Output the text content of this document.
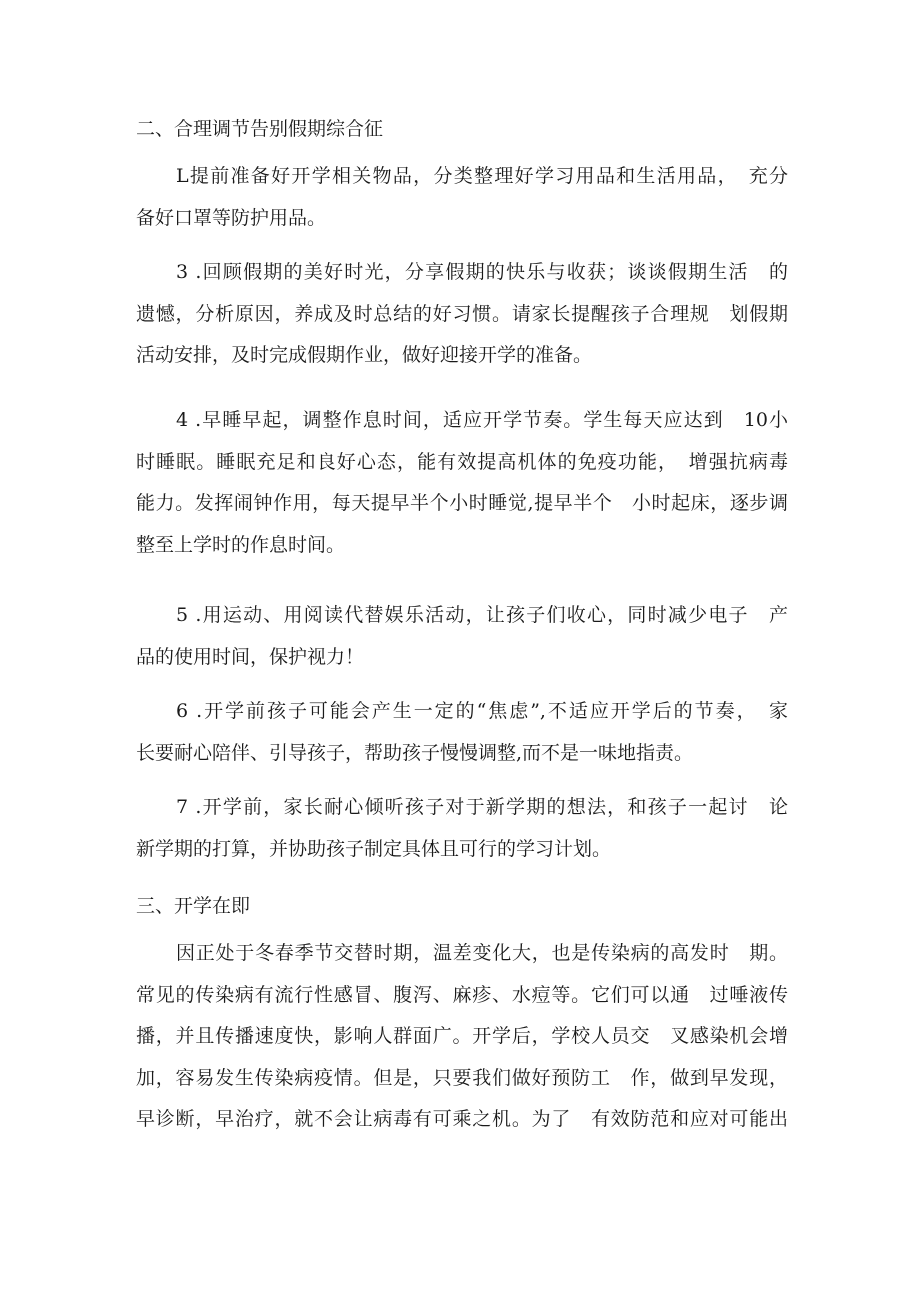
二、合理调节告别假期综合征
L提前准备好开学相关物品，分类整理好学习用品和生活用品，　充分
备好口罩等防护用品。
3 .回顾假期的美好时光，分享假期的快乐与收获；谈谈假期生活　的
遗憾，分析原因，养成及时总结的好习惯。请家长提醒孩子合理规　划假期
活动安排，及时完成假期作业，做好迎接开学的准备。
4 .早睡早起，调整作息时间，适应开学节奏。学生每天应达到　10小
时睡眠。睡眠充足和良好心态，能有效提高机体的免疫功能，　增强抗病毒
能力。发挥闹钟作用，每天提早半个小时睡觉,提早半个　小时起床，逐步调
整至上学时的作息时间。
5 .用运动、用阅读代替娱乐活动，让孩子们收心，同时减少电子　产
品的使用时间，保护视力！
6 .开学前孩子可能会产生一定的“焦虑”,不适应开学后的节奏，　家
长要耐心陪伴、引导孩子，帮助孩子慢慢调整,而不是一味地指责。
7 .开学前，家长耐心倾听孩子对于新学期的想法，和孩子一起讨　论
新学期的打算，并协助孩子制定具体且可行的学习计划。
三、开学在即
因正处于冬春季节交替时期，温差变化大，也是传染病的高发时　期。
常见的传染病有流行性感冒、腹泻、麻疹、水痘等。它们可以通　过唾液传
播，并且传播速度快，影响人群面广。开学后，学校人员交　叉感染机会增
加，容易发生传染病疫情。但是，只要我们做好预防工　作，做到早发现，
早诊断，早治疗，就不会让病毒有可乘之机。为了　有效防范和应对可能出
